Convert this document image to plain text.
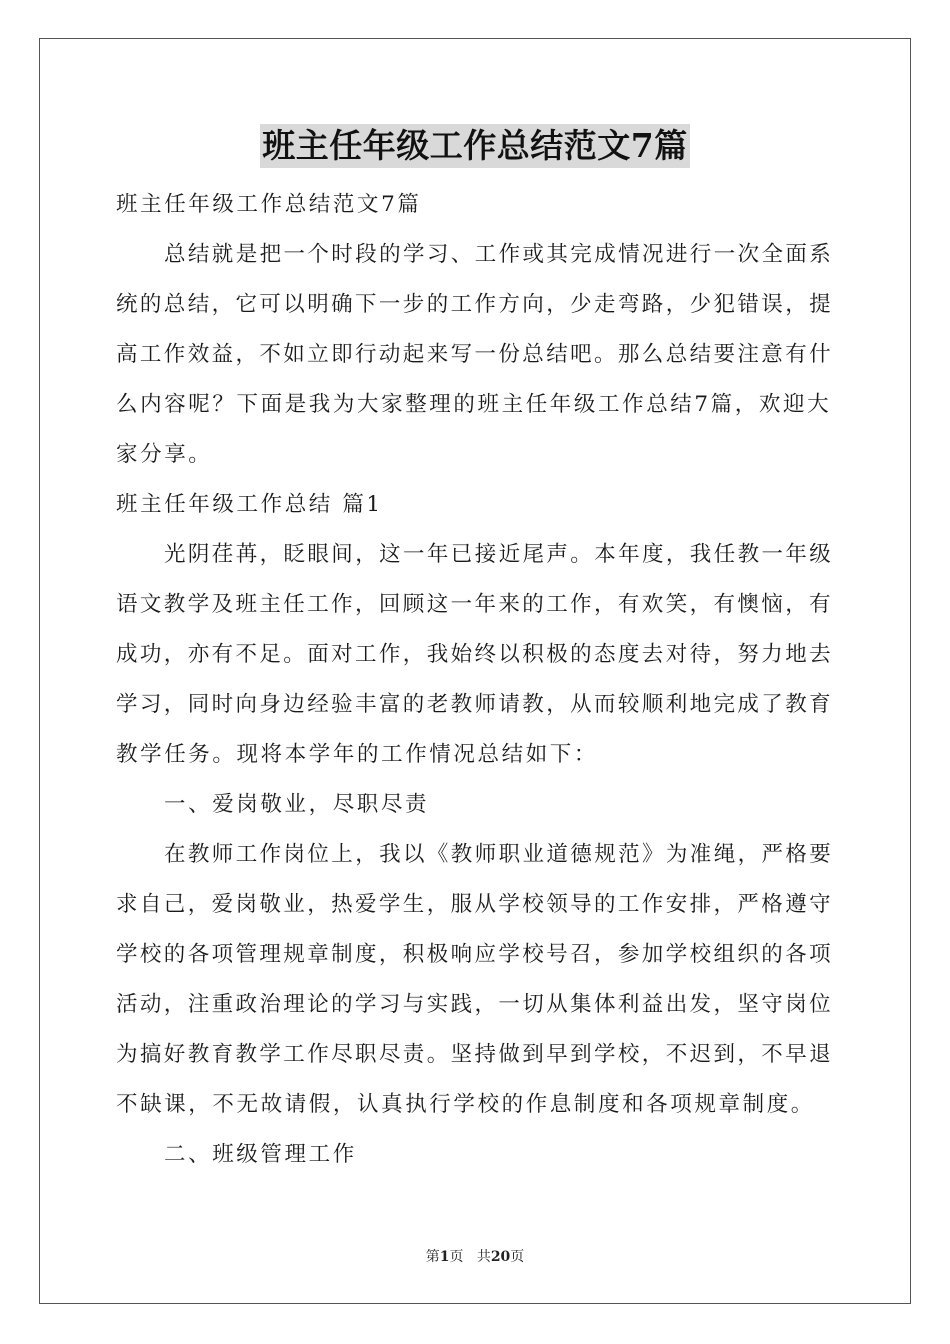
班主任年级工作总结范文7篇
班主任年级工作总结范文7篇
总结就是把一个时段的学习、工作或其完成情况进行一次全面系
统的总结，它可以明确下一步的工作方向，少走弯路，少犯错误，提
高工作效益，不如立即行动起来写一份总结吧。那么总结要注意有什
么内容呢？下面是我为大家整理的班主任年级工作总结7篇，欢迎大
家分享。
班主任年级工作总结 篇1
光阴荏苒，眨眼间，这一年已接近尾声。本年度，我任教一年级
语文教学及班主任工作，回顾这一年来的工作，有欢笑，有懊恼，有
成功，亦有不足。面对工作，我始终以积极的态度去对待，努力地去
学习，同时向身边经验丰富的老教师请教，从而较顺利地完成了教育
教学任务。现将本学年的工作情况总结如下：
一、爱岗敬业，尽职尽责
在教师工作岗位上，我以《教师职业道德规范》为准绳，严格要
求自己，爱岗敬业，热爱学生，服从学校领导的工作安排，严格遵守
学校的各项管理规章制度，积极响应学校号召，参加学校组织的各项
活动，注重政治理论的学习与实践，一切从集体利益出发，坚守岗位
为搞好教育教学工作尽职尽责。坚持做到早到学校，不迟到，不早退
不缺课，不无故请假，认真执行学校的作息制度和各项规章制度。
二、班级管理工作
第1页 共20页
